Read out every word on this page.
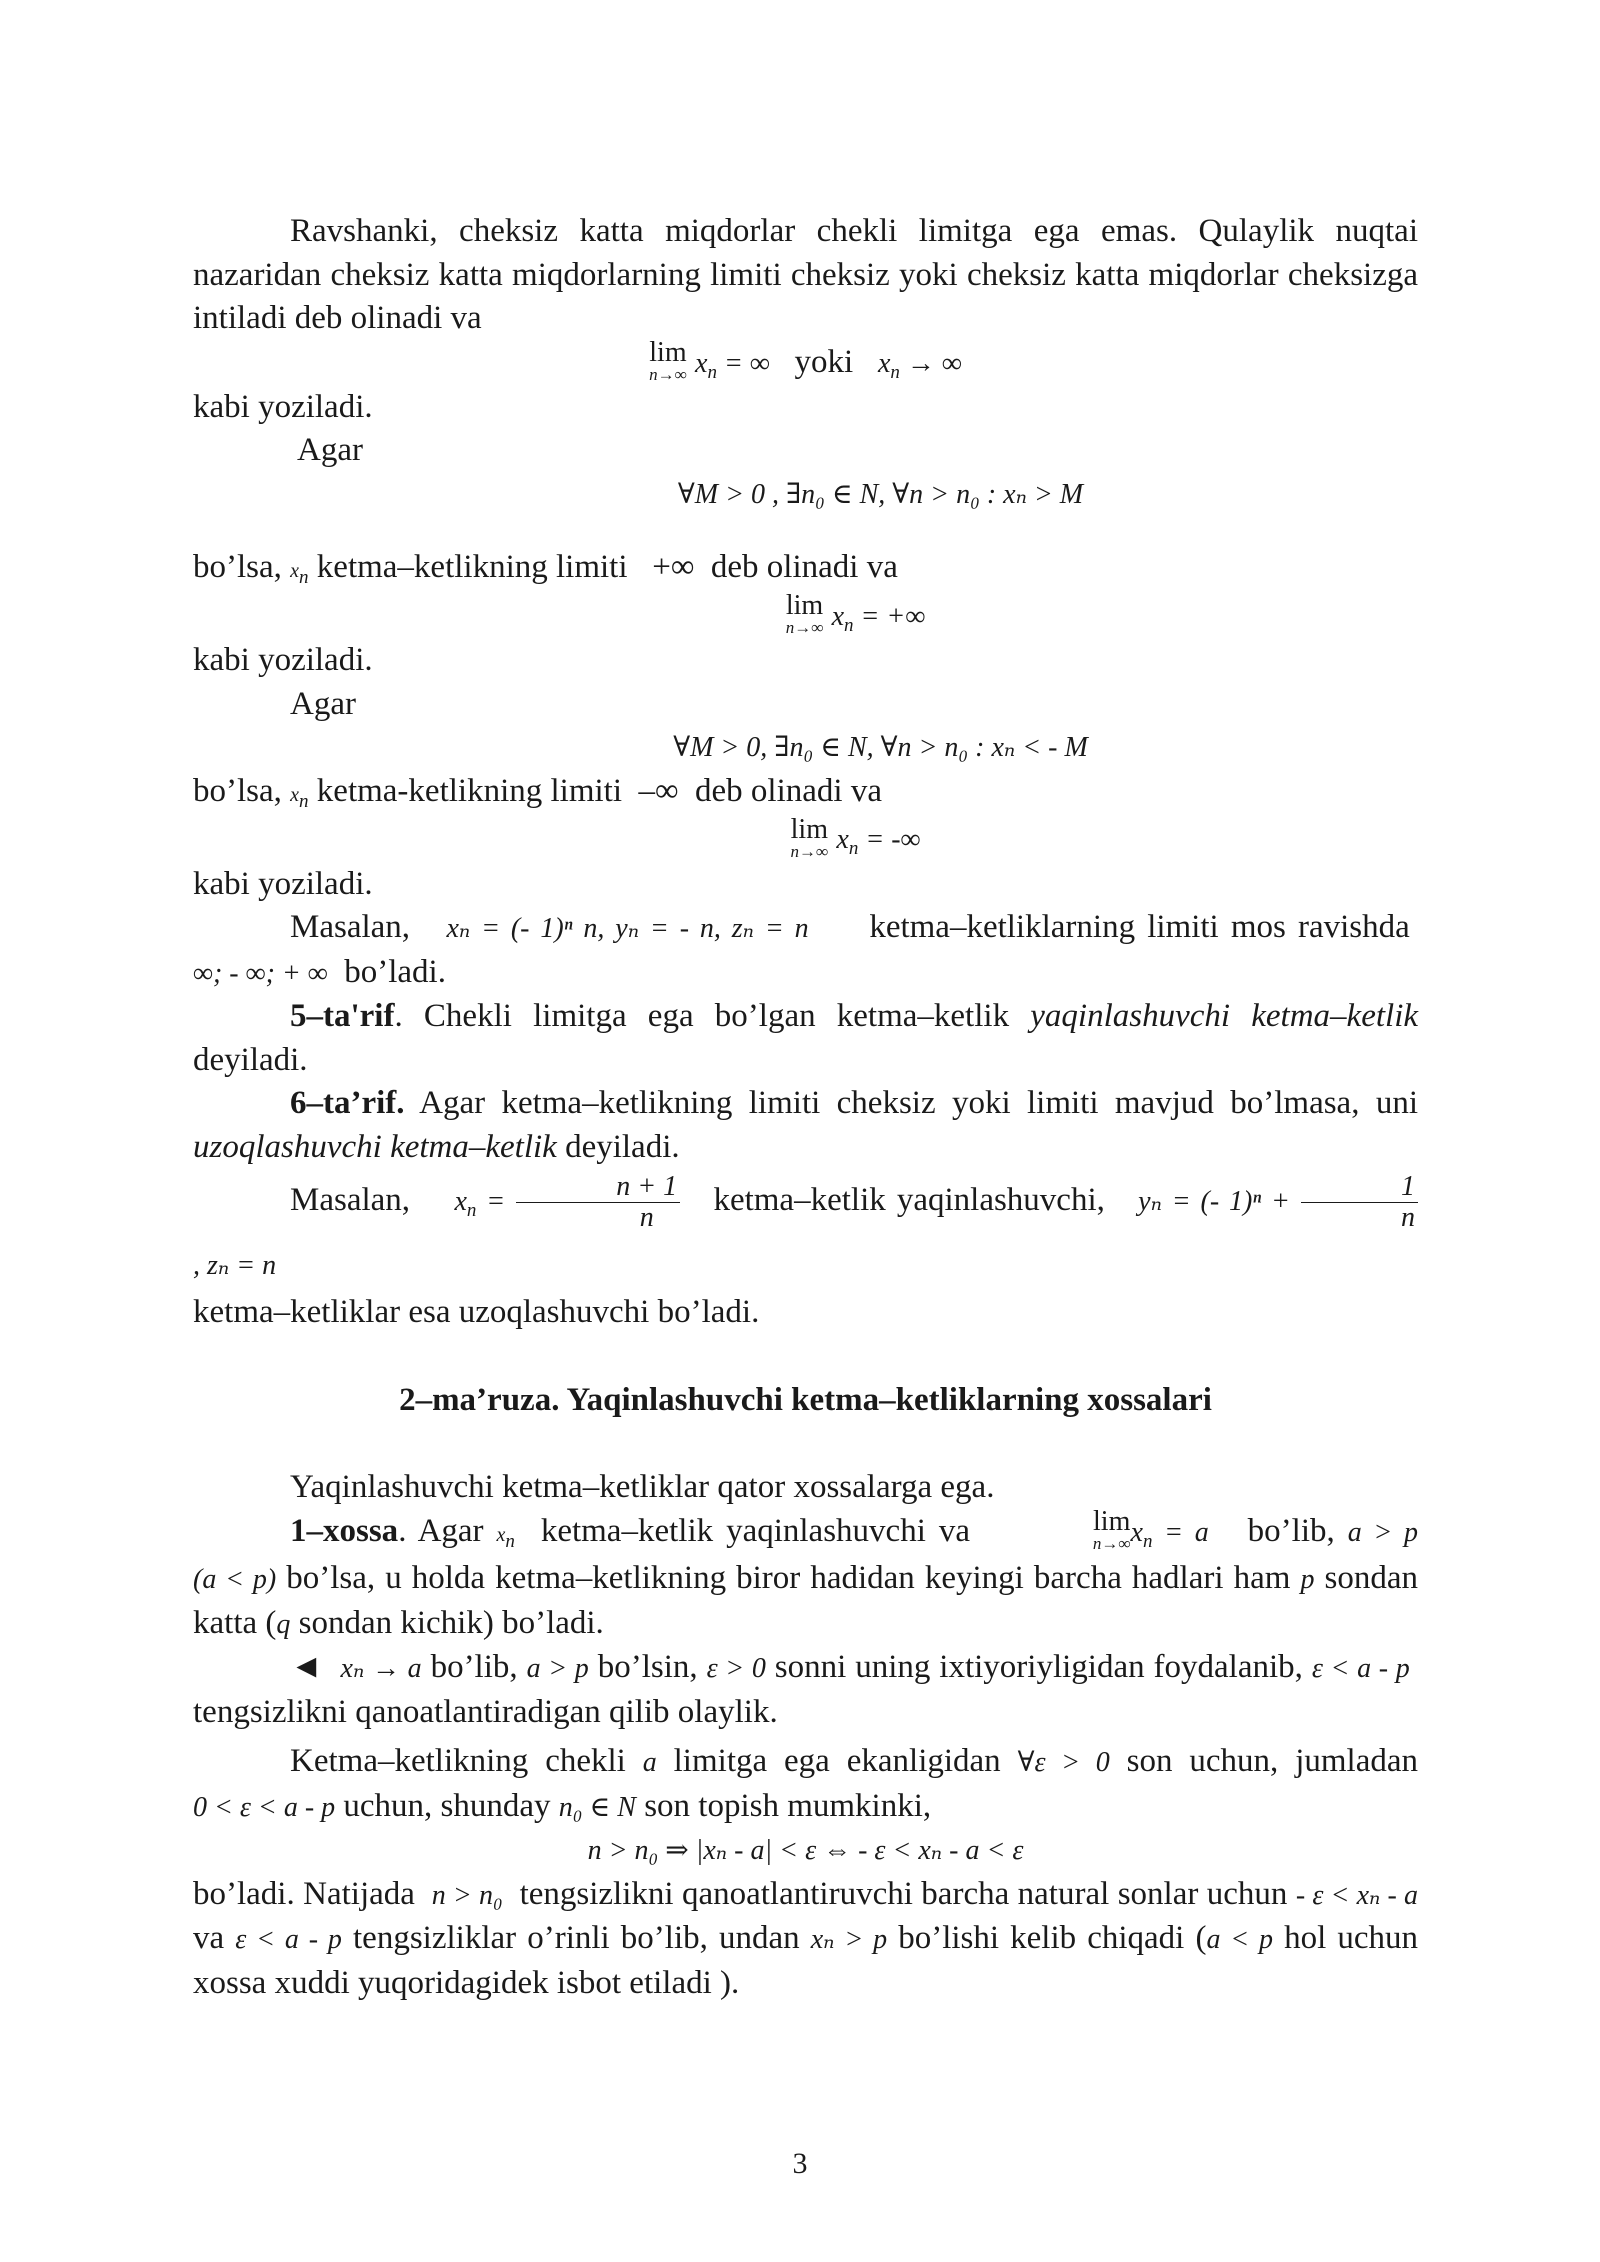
Ravshanki, cheksiz katta miqdorlar chekli limitga ega emas. Qulaylik nuqtai nazaridan cheksiz katta miqdorlarning limiti cheksiz yoki cheksiz katta miqdorlar cheksizga intiladi deb olinadi va

lim
n→∞ $x_n$ = ∞ yoki $x_n$ → ∞

kabi yoziladi.

Agar

∀M > 0 , ∃n₀ ∈ N, ∀n > n₀ : xₙ > M

bo’lsa, $x_n$ ketma–ketlikning limiti +∞ deb olinadi va

lim
n→∞ $x_n$ = +∞

kabi yoziladi.

Agar

∀M > 0, ∃n₀ ∈ N, ∀n > n₀ : xₙ < - M

bo’lsa, $x_n$ ketma-ketlikning limiti –∞ deb olinadi va

lim
n→∞ $x_n$ = -∞

kabi yoziladi.

Masalan, xₙ = (- 1)ⁿ n, yₙ = - n, zₙ = n ketma–ketliklarning limiti mos ravishda  ∞; - ∞; + ∞ bo’ladi.

5–ta'rif. Chekli limitga ega bo’lgan ketma–ketlik yaqinlashuvchi ketma–ketlik deyiladi.

6–ta’rif. Agar ketma–ketlikning limiti cheksiz yoki limiti mavjud bo’lmasa, uni uzoqlashuvchi ketma–ketlik deyiladi.

Masalan, $x_n = \frac{n + 1}{n}$ ketma–ketlik yaqinlashuvchi, yₙ = (- $1)^n + \frac{1}{n}$
, zₙ = n

ketma–ketliklar esa uzoqlashuvchi bo’ladi.

2–ma’ruza. Yaqinlashuvchi ketma–ketliklarning xossalari

Yaqinlashuvchi ketma–ketliklar qator xossalarga ega.

1–xossa. Agar $x_n$ ketma–ketlik yaqinlashuvchi va	lim
n→∞ $x_n = a$ bo’lib, a > p (a < p) bo’lsa, u holda ketma–ketlikning biror hadidan keyingi barcha hadlari ham p sondan katta (q sondan kichik) bo’ladi.

◄ xₙ → a bo’lib, a > p bo’lsin, ε > 0 sonni uning ixtiyoriyligidan foydalanib, ε < a - p  tengsizlikni qanoatlantiradigan qilib olaylik.

Ketma–ketlikning chekli a limitga ega ekanligidan ∀ε > 0 son uchun, jumladan 0 < ε < a - p uchun, shunday n₀ ∈ N son topish mumkinki,

n > n₀ ⇒ |xₙ - a| < ε ⇔ - ε < xₙ - a < ε

bo’ladi. Natijada n > n₀ tengsizlikni qanoatlantiruvchi barcha natural sonlar uchun - ε < xₙ - a va ε < a - p tengsizliklar o’rinli bo’lib, undan xₙ > p bo’lishi kelib chiqadi (a < p hol uchun xossa xuddi yuqoridagidek isbot etiladi ).

3
